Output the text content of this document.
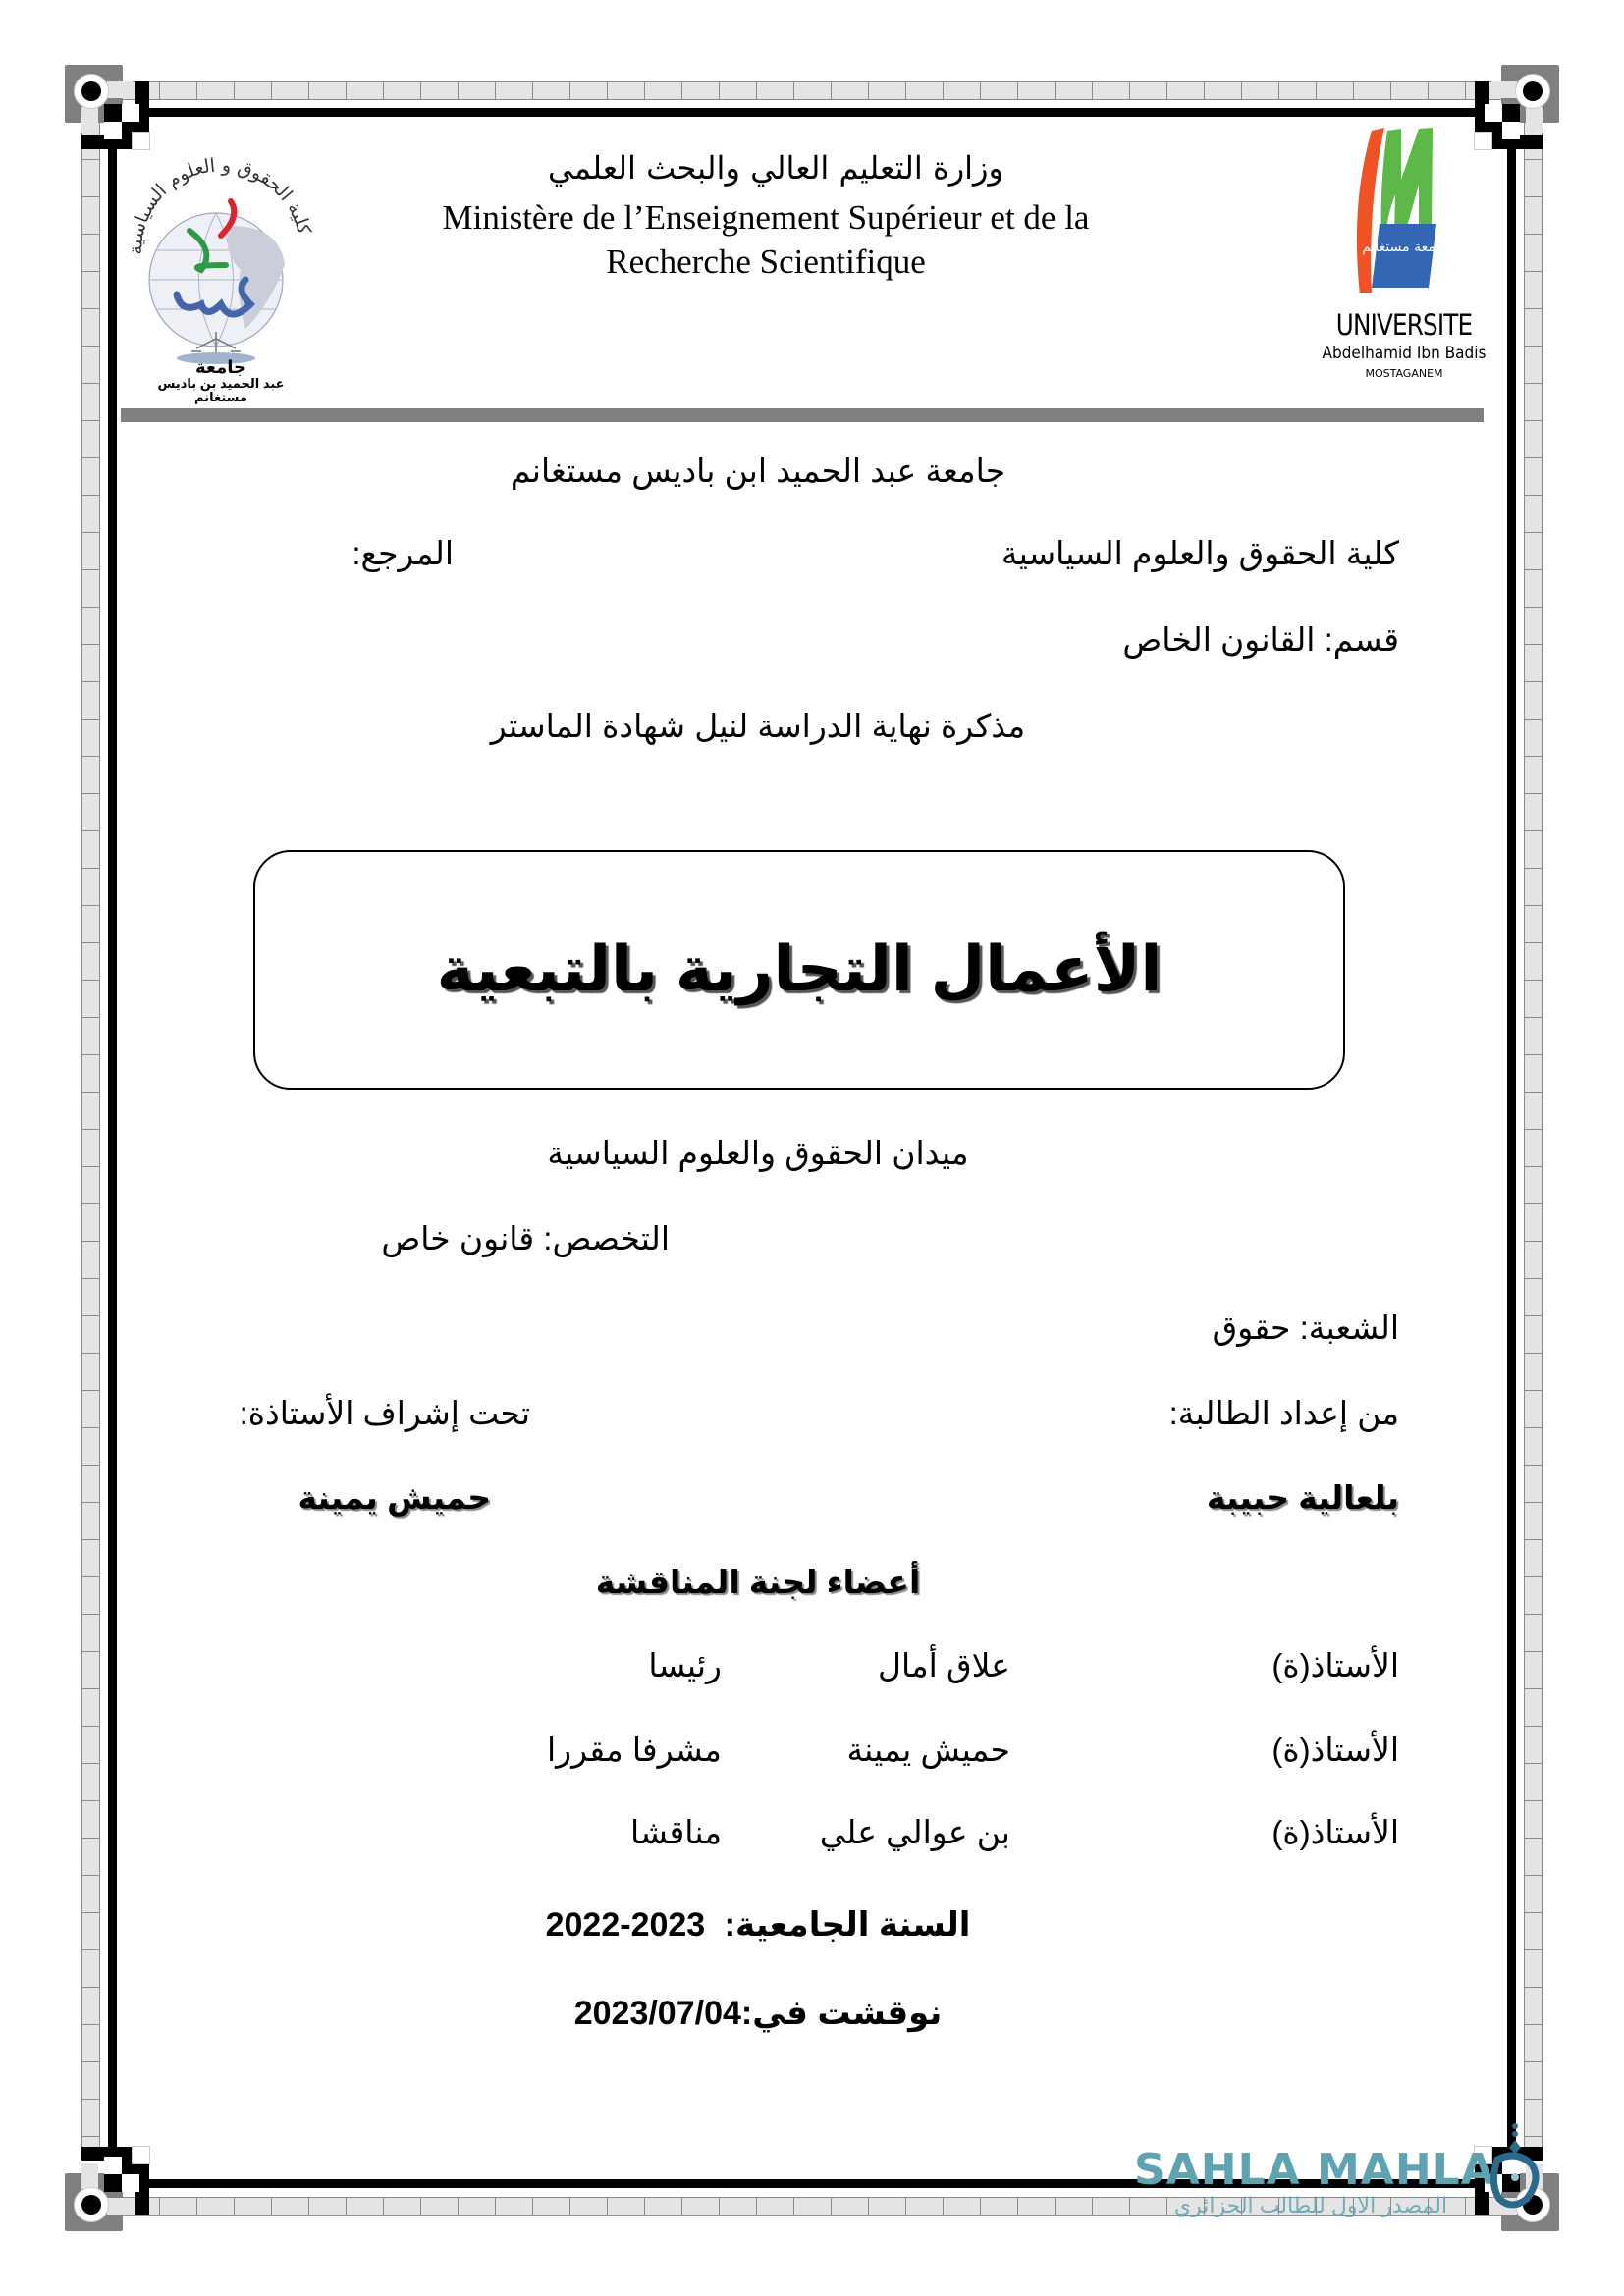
كلية الحقوق و العلوم السياسية
جامعة
عبد الحميد بن باديس
مستغانم
وزارة التعليم العالي والبحث العلمي
Ministère de l’Enseignement Supérieur et de la
Recherche Scientifique	جامعة مستغانم
UNIVERSITE
Abdelhamid Ibn Badis
MOSTAGANEM
جامعة عبد الحميد ابن باديس مستغانم
كلية الحقوق والعلوم السياسية
المرجع:
قسم: القانون الخاص
مذكرة نهاية الدراسة لنيل شهادة الماستر
الأعمال التجارية بالتبعية
ميدان الحقوق والعلوم السياسية
التخصص: قانون خاص
الشعبة: حقوق
من إعداد الطالبة:
تحت إشراف الأستاذة:
بلعالية حبيبة
حميش يمينة
أعضاء لجنة المناقشة
الأستاذ(ة)
علاق أمال
رئيسا
الأستاذ(ة)
حميش يمينة
مشرفا مقررا
الأستاذ(ة)
بن عوالي علي
مناقشا
السنة الجامعية: 2022-2023
نوقشت في:2023/07/04
SAHLA MAHLA
المصدر الاول للطالب الجزائري
